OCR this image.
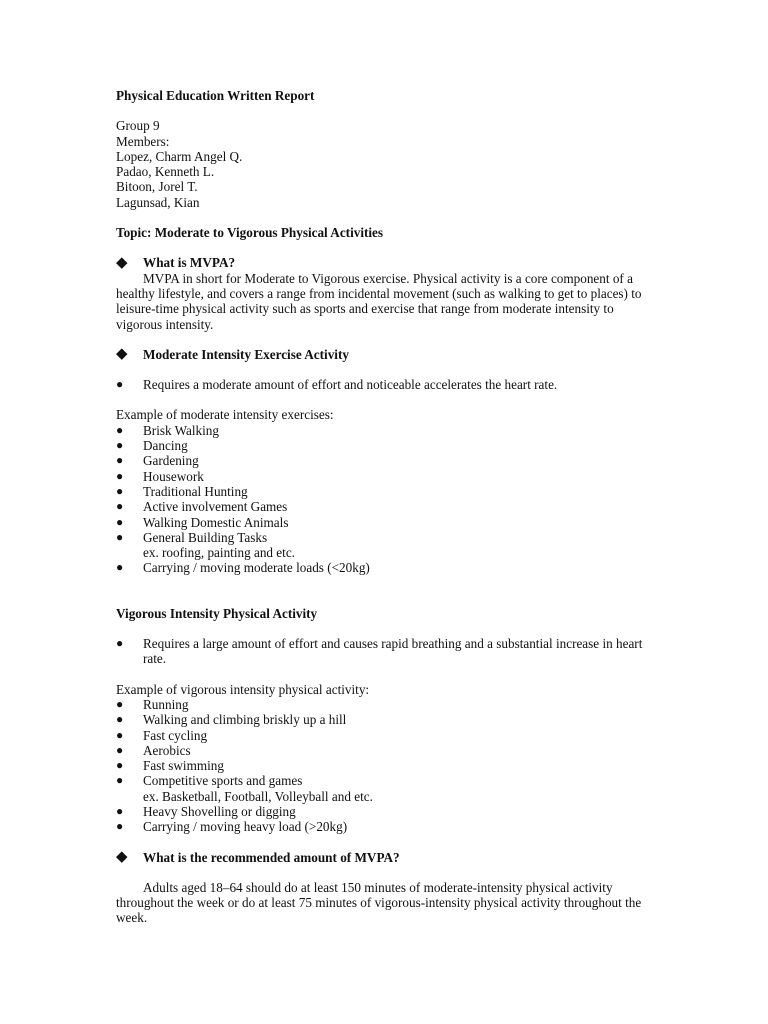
Physical Education Written Report

Group 9

Members:

Lopez, Charm Angel Q.

Padao, Kenneth L.

Bitoon, Jorel T.

Lagunsad, Kian

Topic: Moderate to Vigorous Physical Activities

◆	What is MVPA?

MVPA in short for Moderate to Vigorous exercise. Physical activity is a core component of a healthy lifestyle, and covers a range from incidental movement (such as walking to get to places) to leisure-time physical activity such as sports and exercise that range from moderate intensity to vigorous intensity.

◆	Moderate Intensity Exercise Activity
●	Requires a moderate amount of effort and noticeable accelerates the heart rate.

Example of moderate intensity exercises:

●	Brisk Walking
●	Dancing
●	Gardening
●	Housework
●	Traditional Hunting
●	Active involvement Games
●	Walking Domestic Animals
●	General Building Tasks
ex. roofing, painting and etc.
●	Carrying / moving moderate loads (<20kg)

Vigorous Intensity Physical Activity

●	Requires a large amount of effort and causes rapid breathing and a substantial increase in heart rate.

Example of vigorous intensity physical activity:

●	Running
●	Walking and climbing briskly up a hill
●	Fast cycling
●	Aerobics
●	Fast swimming
●	Competitive sports and games
ex. Basketball, Football, Volleyball and etc.
●	Heavy Shovelling or digging
●	Carrying / moving heavy load (>20kg)
◆	What is the recommended amount of MVPA?

Adults aged 18–64 should do at least 150 minutes of moderate-intensity physical activity throughout the week or do at least 75 minutes of vigorous-intensity physical activity throughout the week.
